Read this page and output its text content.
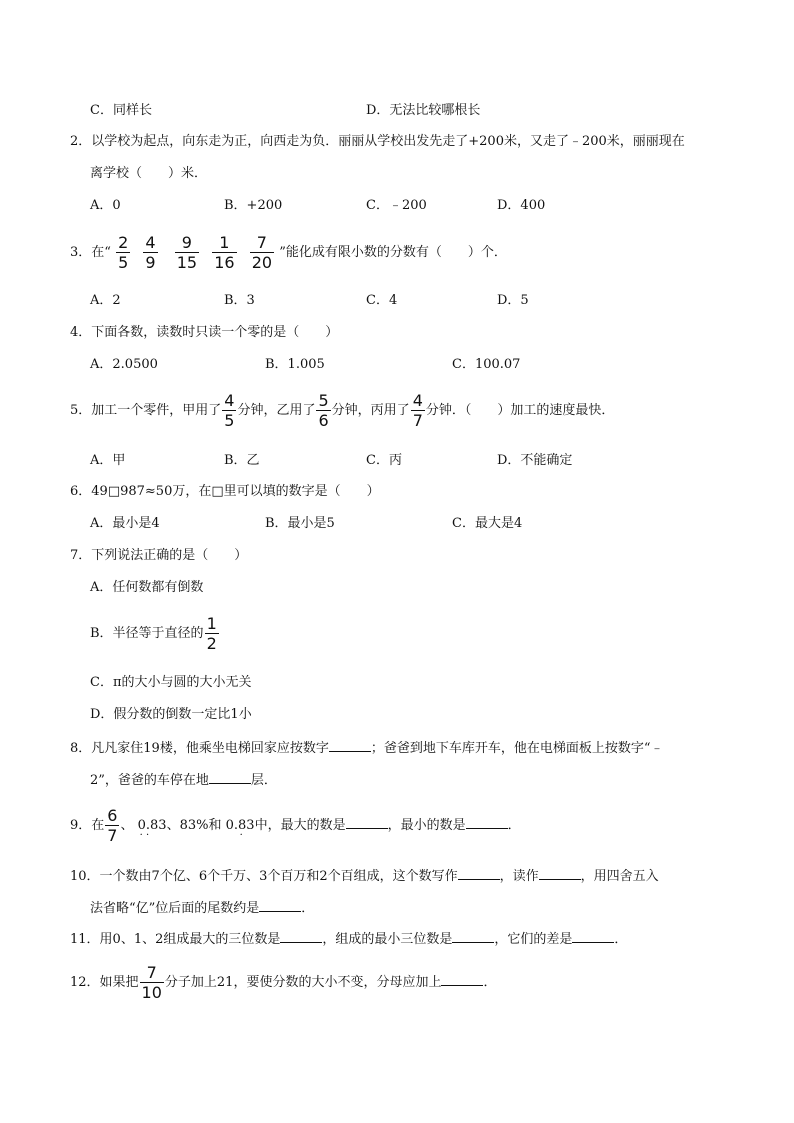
C．同样长	D．无法比较哪根长
2．以学校为起点，向东走为正，向西走为负．丽丽从学校出发先走了+200米，又走了﹣200米，丽丽现在
离学校（　　）米．
A．0	B．+200	C．﹣200	D．400
3．在“ $\frac{2}{5}$
$\frac{4}{9}$
$\frac{9}{15}$
$\frac{1}{16}$
$\frac{7}{20}$ ”能化成有限小数的分数有（　　）个．
A．2	B．3	C．4	D．5
4．下面各数，读数时只读一个零的是（　　）
A．2.0500	B．1.005	C．100.07
5．加工一个零件，甲用了 $\frac{4}{5}$ 分钟，乙用了 $\frac{5}{6}$ 分钟，丙用了 $\frac{4}{7}$ 分钟．（　　）加工的速度最快．
A．甲	B．乙	C．丙	D．不能确定
6．49□987≈50万，在□里可以填的数字是（　　）
A．最小是4	B．最小是5	C．最大是4
7．下列说法正确的是（　　）
A．任何数都有倒数
B．半径等于直径的 $\frac{1}{2}$
C．π的大小与圆的大小无关
D．假分数的倒数一定比1小
8．凡凡家住19楼，他乘坐电梯回家应按数字	；爸爸到地下车库开车，他在电梯面板上按数字“﹣
2”，爸爸的车停在地	层．
9．在 $\frac{6}{7}$ 、
· ·
0.83、83%和
·
0.83中，最大的数是	，最小的数是	．
10．一个数由7个亿、6个千万、3个百万和2个百组成，这个数写作	，读作	，用四舍五入
法省略“亿”位后面的尾数约是	．
11．用0、1、2组成最大的三位数是	，组成的最小三位数是	，它们的差是	．
12．如果把 $\frac{7}{10}$ 分子加上21，要使分数的大小不变，分母应加上	．
